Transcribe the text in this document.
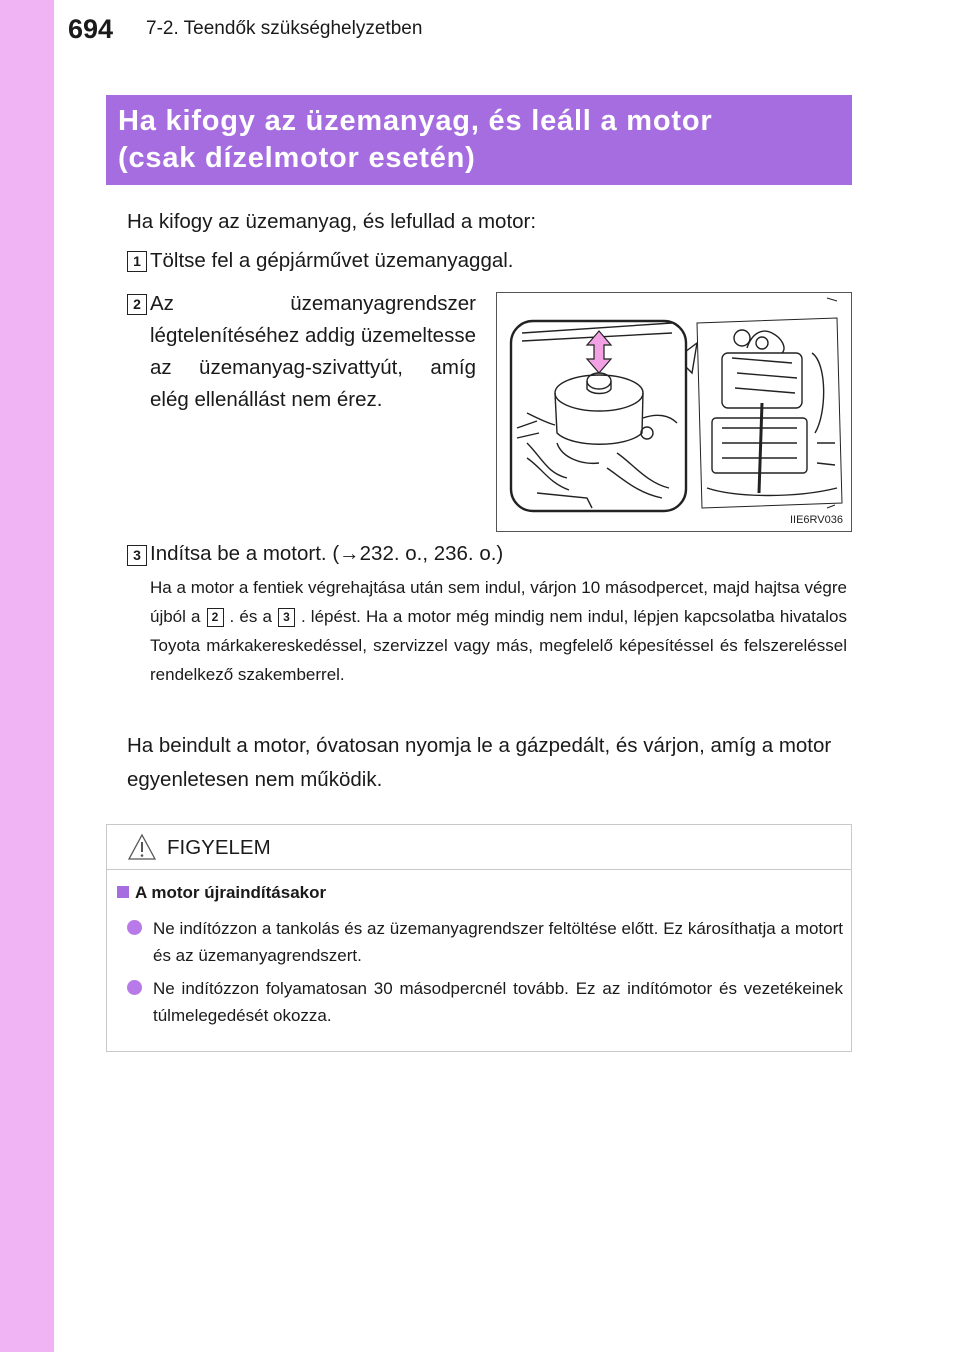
694 7-2. Teendők szükséghelyzetben
Ha kifogy az üzemanyag, és leáll a motor
(csak dízelmotor esetén)
Ha kifogy az üzemanyag, és lefullad a motor:
1 Töltse fel a gépjárművet üzemanyaggal.
2 Az üzemanyagrendszer légtelenítéséhez addig üzemeltesse az üzemanyag-szivattyút, amíg elég ellenállást nem érez.
IIE6RV036
3 Indítsa be a motort. (→232. o., 236. o.)
Ha a motor a fentiek végrehajtása után sem indul, várjon 10 másodpercet, majd hajtsa végre újból a 2 . és a 3 . lépést. Ha a motor még mindig nem indul, lépjen kapcsolatba hivatalos Toyota márkakereskedéssel, szervizzel vagy más, megfelelő képesítéssel és felszereléssel rendelkező szakemberrel.
Ha beindult a motor, óvatosan nyomja le a gázpedált, és várjon, amíg a motor egyenletesen nem működik.
FIGYELEM
A motor újraindításakor
Ne indítózzon a tankolás és az üzemanyagrendszer feltöltése előtt. Ez károsíthatja a motort és az üzemanyagrendszert.
Ne indítózzon folyamatosan 30 másodpercnél tovább. Ez az indítómotor és vezetékeinek túlmelegedését okozza.
